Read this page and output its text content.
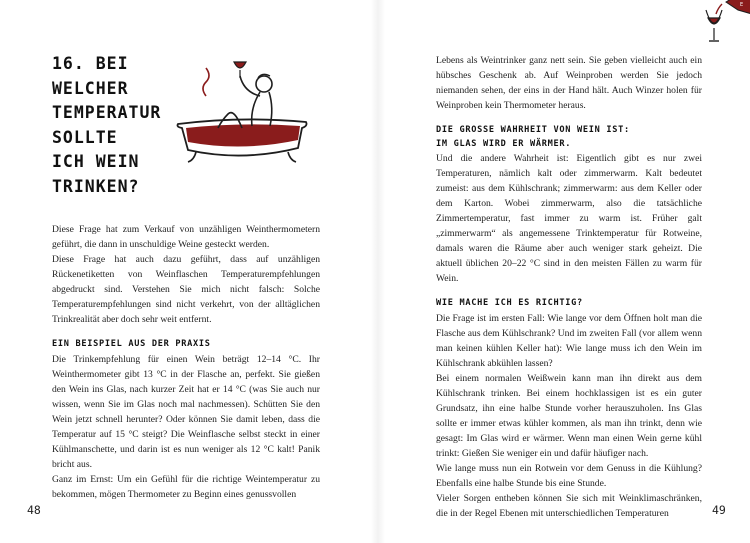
16. BEI
WELCHER
TEMPERATUR
SOLLTE
ICH WEIN
TRINKEN?

Diese Frage hat zum Verkauf von unzähligen Weinthermometern geführt, die dann in unschuldige Weine gesteckt werden.

Diese Frage hat auch dazu geführt, dass auf unzähligen Rückenetiketten von Weinflaschen Temperaturempfehlungen abgedruckt sind. Verstehen Sie mich nicht falsch: Solche Temperaturempfehlungen sind nicht verkehrt, von der alltäglichen Trinkrealität aber doch sehr weit entfernt.

EIN BEISPIEL AUS DER PRAXIS

Die Trinkempfehlung für einen Wein beträgt 12–14 °C. Ihr Weinthermometer gibt 13 °C in der Flasche an, perfekt. Sie gießen den Wein ins Glas, nach kurzer Zeit hat er 14 °C (was Sie auch nur wissen, wenn Sie im Glas noch mal nachmessen). Schütten Sie den Wein jetzt schnell herunter? Oder können Sie damit leben, dass die Temperatur auf 15 °C steigt? Die Weinflasche selbst steckt in einer Kühlmanschette, und darin ist es nun weniger als 12 °C kalt! Panik bricht aus.

Ganz im Ernst: Um ein Gefühl für die richtige Weintemperatur zu bekommen, mögen Thermometer zu Beginn eines genussvollen

48
E

Lebens als Weintrinker ganz nett sein. Sie geben vielleicht auch ein hübsches Geschenk ab. Auf Weinproben werden Sie jedoch niemanden sehen, der eins in der Hand hält. Auch Winzer holen für Weinproben kein Thermometer heraus.

DIE GROSSE WAHRHEIT VON WEIN IST:
IM GLAS WIRD ER WÄRMER.

Und die andere Wahrheit ist: Eigentlich gibt es nur zwei Temperaturen, nämlich kalt oder zimmerwarm. Kalt bedeutet zumeist: aus dem Kühlschrank; zimmerwarm: aus dem Keller oder dem Karton. Wobei zimmerwarm, also die tatsächliche Zimmertemperatur, fast immer zu warm ist. Früher galt „zimmerwarm“ als angemessene Trinktemperatur für Rotweine, damals waren die Räume aber auch weniger stark geheizt. Die aktuell üblichen 20–22 °C sind in den meisten Fällen zu warm für Wein.

WIE MACHE ICH ES RICHTIG?

Die Frage ist im ersten Fall: Wie lange vor dem Öffnen holt man die Flasche aus dem Kühlschrank? Und im zweiten Fall (vor allem wenn man keinen kühlen Keller hat): Wie lange muss ich den Wein im Kühlschrank abkühlen lassen?

Bei einem normalen Weißwein kann man ihn direkt aus dem Kühlschrank trinken. Bei einem hochklassigen ist es ein guter Grundsatz, ihn eine halbe Stunde vorher herauszuholen. Ins Glas sollte er immer etwas kühler kommen, als man ihn trinkt, denn wie gesagt: Im Glas wird er wärmer. Wenn man einen Wein gerne kühl trinkt: Gießen Sie weniger ein und dafür häufiger nach.

Wie lange muss nun ein Rotwein vor dem Genuss in die Kühlung? Ebenfalls eine halbe Stunde bis eine Stunde.

Vieler Sorgen entheben können Sie sich mit Weinklimaschränken, die in der Regel Ebenen mit unterschiedlichen Temperaturen	49
